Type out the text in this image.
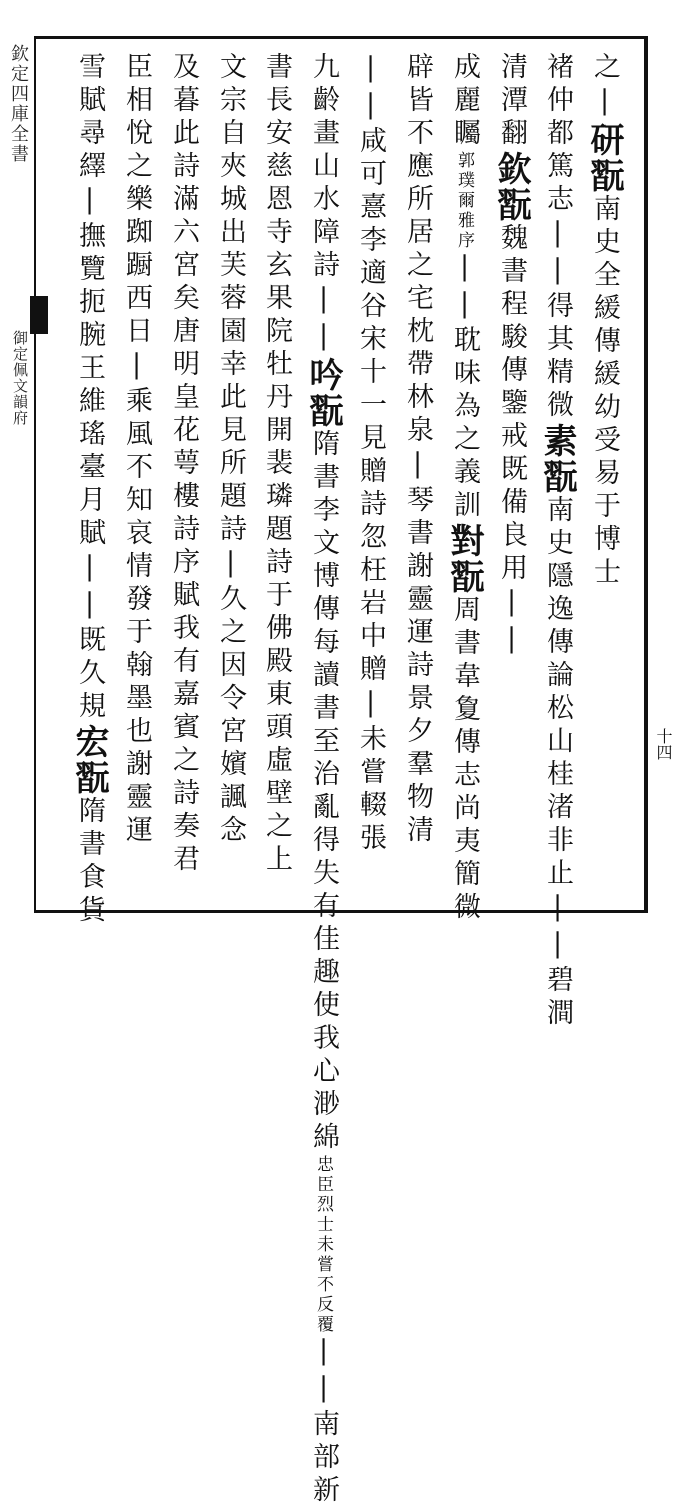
欽定四庫全書
御定佩文韻府
之|研翫南史全緩傳緩幼受易于博士
褚仲都篤志||得其精微素翫南史隱逸傳論松山桂渚非止||碧澗
清潭翻欽翫魏書程駿傳鑒戒既備良用||
成麗矚郭璞爾雅序||耽味為之義訓對翫周書韋夐傳志尚夷簡微
辟皆不應所居之宅枕帶林泉|琴書謝靈運詩景夕羣物清
||咸可憙李適谷宋十一見贈詩忽枉岩中贈|未嘗輟張
九齡畫山水障詩||吟翫隋書李文博傳每讀書至治亂得失有佳趣使我心渺綿忠臣烈士未嘗不反覆||南部新
書長安慈恩寺玄果院牡丹開裴璘題詩于佛殿東頭虛壁之上
文宗自夾城出芙蓉園幸此見所題詩|久之因令宮嬪諷念
及暮此詩滿六宮矣唐明皇花萼樓詩序賦我有嘉賓之詩奏君
臣相悅之樂踟蹰西日|乘風不知哀情發于翰墨也謝靈運
雪賦尋繹|撫覽扼腕王維瑤臺月賦||既久規宏翫隋書食貨
十四
